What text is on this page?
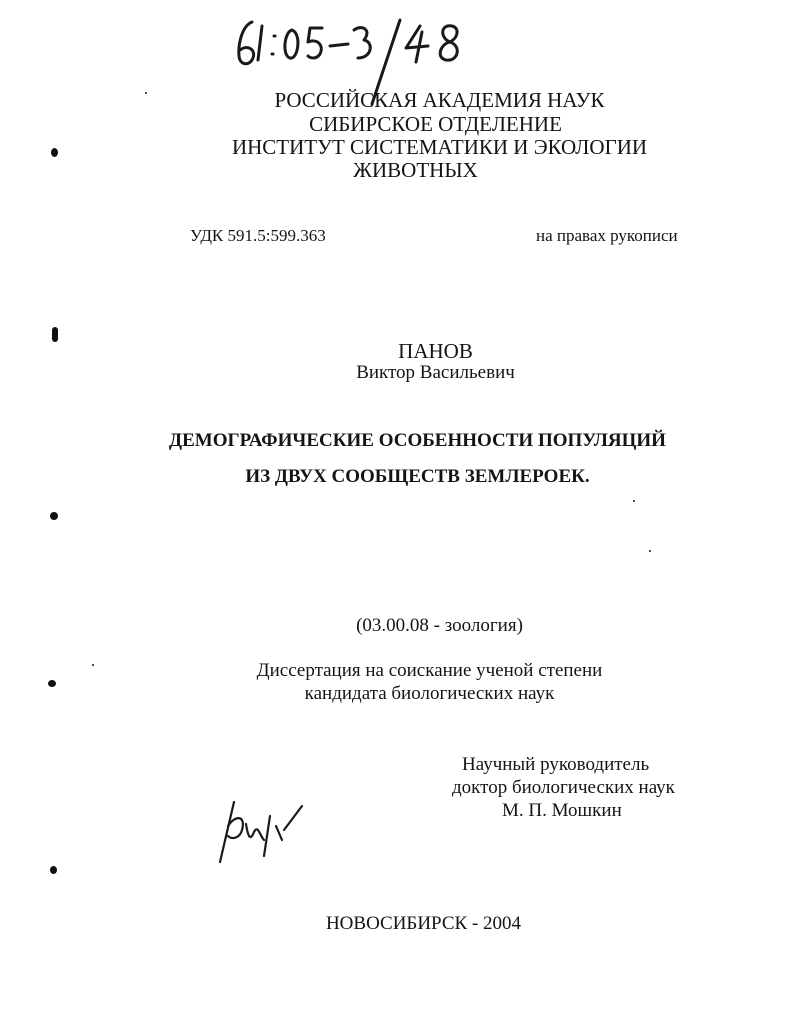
РОССИЙСКАЯ АКАДЕМИЯ НАУК
СИБИРСКОЕ ОТДЕЛЕНИЕ
ИНСТИТУТ СИСТЕМАТИКИ И ЭКОЛОГИИ
ЖИВОТНЫХ
УДК 591.5:599.363	на правах рукописи
ПАНОВ
Виктор Васильевич
ДЕМОГРАФИЧЕСКИЕ ОСОБЕННОСТИ ПОПУЛЯЦИЙ
ИЗ ДВУХ СООБЩЕСТВ ЗЕМЛЕРОЕК.
(03.00.08 - зоология)
Диссертация на соискание ученой степени
кандидата биологических наук
Научный руководитель
доктор биологических наук
М. П. Мошкин
НОВОСИБИРСК - 2004
